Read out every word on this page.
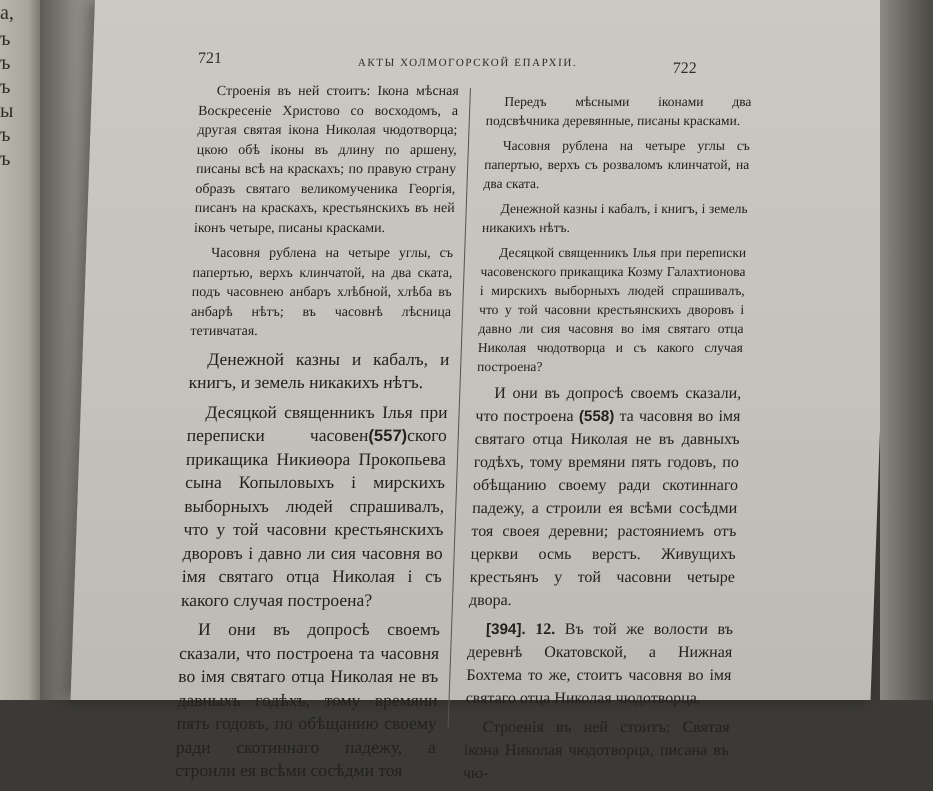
а,
ъ
ъ
ъ
ы
ъ
ъ
721	АКТЫ ХОЛМОГОРСКОЙ ЕПАРХІИ.	722

Строенія въ ней стоитъ: Ікона мѣсная Воскресеніе Христово со восходомъ, а другая святая ікона Николая чюдотворца; цкою обѣ іконы въ длину по аршену, писаны всѣ на краскахъ; по правую страну образъ святаго великомученика Георгія, писанъ на краскахъ, крестьянскихъ въ ней іконъ четыре, писаны красками.

Часовня рублена на четыре углы, съ папертью, верхъ клинчатой, на два ската, подъ часовнею анбаръ хлѣбной, хлѣба въ анбарѣ нѣтъ; въ часовнѣ лѣсница тетивчатая.

Денежной казны и кабалъ, и книгъ, и земель никакихъ нѣтъ.

Десяцкой священникъ Ілья при переписки часовен(557)ского прикащика Никиѳора Прокопьева сына Копыловыхъ і мирскихъ выборныхъ людей спрашивалъ, что у той часовни крестьянскихъ дворовъ і давно ли сия часовня во імя святаго отца Николая і съ какого случая построена?

И они въ допросѣ своемъ сказали, что построена та часовня во імя святаго отца Николая не въ давныхъ годѣхъ, тому времяни пять годовъ, по обѣщанию своему ради скотиннаго падежу, а строили ея всѣми сосѣдми тоя

Передъ мѣсными іконами два подсвѣчника деревянные, писаны красками.

Часовня рублена на четыре углы съ папертью, верхъ съ розваломъ клинчатой, на два ската.

Денежной казны і кабалъ, і книгъ, і земель никакихъ нѣтъ.

Десяцкой священникъ Ілья при переписки часовенского прикащика Козму Галахтионова і мирскихъ выборныхъ людей спрашивалъ, что у той часовни крестьянскихъ дворовъ і давно ли сия часовня во імя святаго отца Николая чюдотворца и съ какого случая построена?

И они въ допросѣ своемъ сказали, что построена (558) та часовня во імя святаго отца Николая не въ давныхъ годѣхъ, тому времяни пять годовъ, по обѣщанию своему ради скотиннаго падежу, а строили ея всѣми сосѣдми тоя своея деревни; растояниемъ отъ церкви осмь верстъ. Живущихъ крестьянъ у той часовни четыре двора.

[394]. 12. Въ той же волости въ деревнѣ Окатовской, а Нижная Бохтема то же, стоитъ часовня во імя святаго отца Николая чюдотворца.

Строенія въ ней стоитъ: Святая ікона Николая чюдотворца, писана въ чю-
